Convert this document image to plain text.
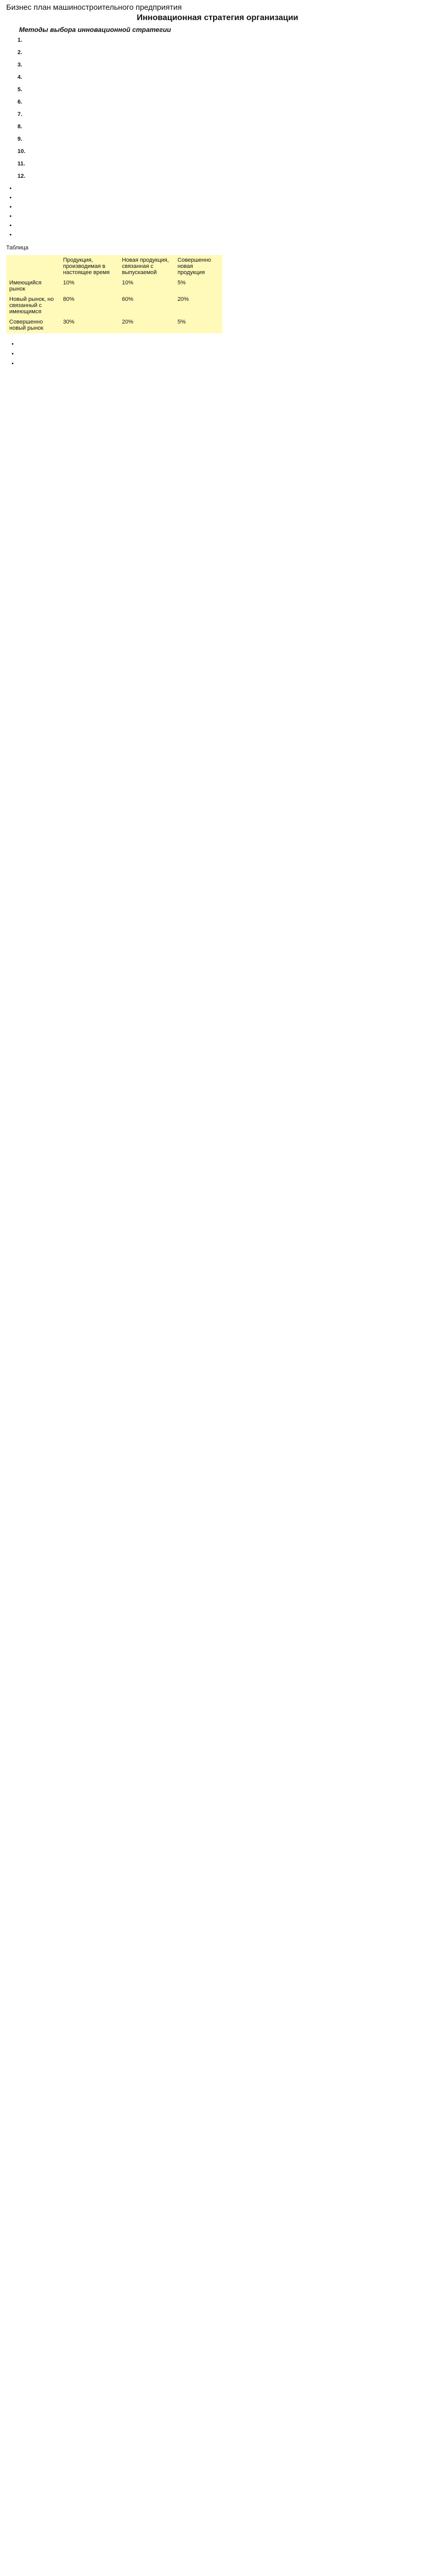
Бизнес план машиностроительного предприятия
Инновационная стратегия организации
Методы выбора инновационной стратегии

1.

2.

3.

4.

5.

6.

7.

8.

9.

10.

11.

12.

•
•
•
•
•
•
Таблица
	Продукция, производимая в настоящее время	Новая продукция, связанная с выпускаемой	Совершенно новая продукция
Имеющийся рынок	10%	10%	5%
Новый рынок, но связанный с имеющимся	80%	60%	20%
Совершенно новый рынок	30%	20%	5%

•
•
•
